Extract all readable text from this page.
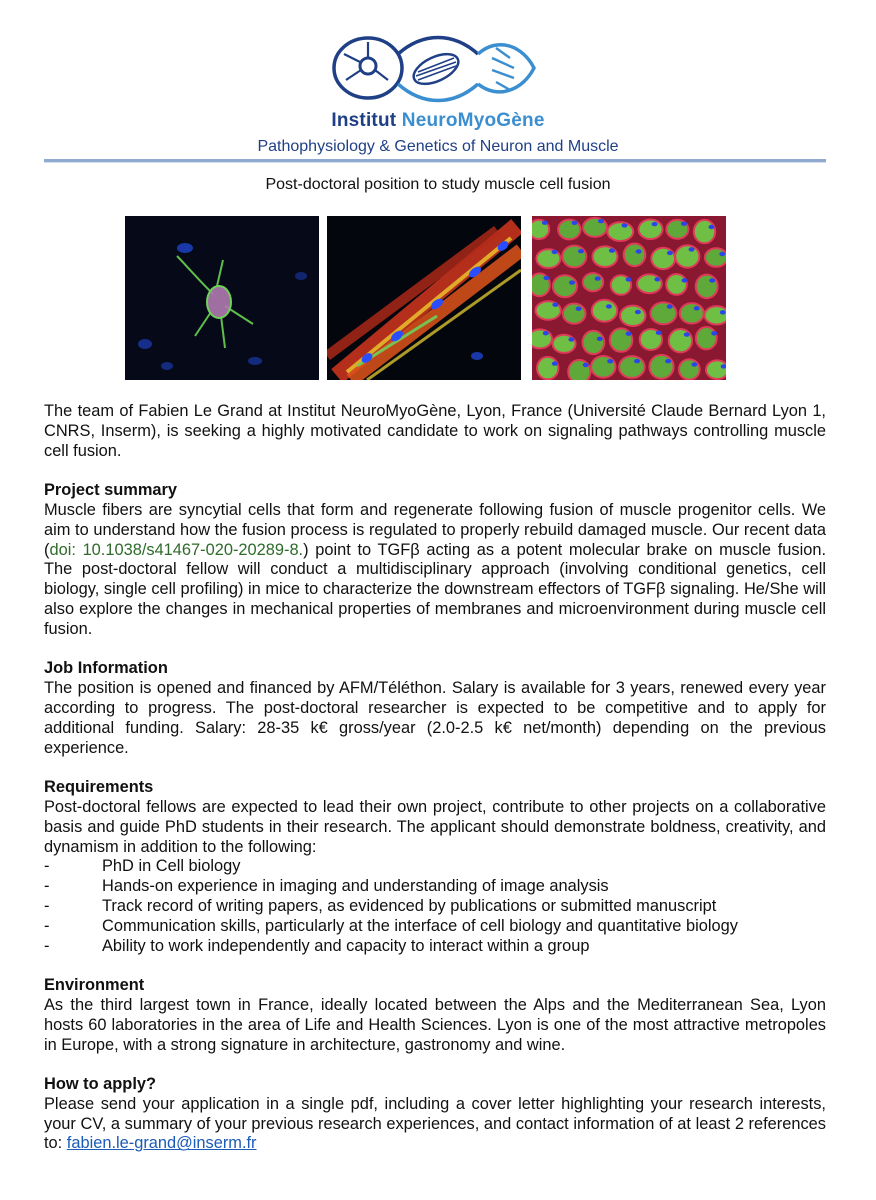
Institut NeuroMyoGène
Pathophysiology & Genetics of Neuron and Muscle
Post-doctoral position to study muscle cell fusion

The team of Fabien Le Grand at Institut NeuroMyoGène, Lyon, France (Université Claude Bernard Lyon 1, CNRS, Inserm), is seeking a highly motivated candidate to work on signaling pathways controlling muscle cell fusion.

Project summary

Muscle fibers are syncytial cells that form and regenerate following fusion of muscle progenitor cells. We aim to understand how the fusion process is regulated to properly rebuild damaged muscle. Our recent data (doi: 10.1038/s41467-020-20289-8.) point to TGFβ acting as a potent molecular brake on muscle fusion. The post-doctoral fellow will conduct a multidisciplinary approach (involving conditional genetics, cell biology, single cell profiling) in mice to characterize the downstream effectors of TGFβ signaling. He/She will also explore the changes in mechanical properties of membranes and microenvironment during muscle cell fusion.

Job Information

The position is opened and financed by AFM/Téléthon. Salary is available for 3 years, renewed every year according to progress. The post-doctoral researcher is expected to be competitive and to apply for additional funding. Salary: 28-35 k€ gross/year (2.0-2.5 k€ net/month) depending on the previous experience.

Requirements

Post-doctoral fellows are expected to lead their own project, contribute to other projects on a collaborative basis and guide PhD students in their research. The applicant should demonstrate boldness, creativity, and dynamism in addition to the following:

-	PhD in Cell biology
-	Hands-on experience in imaging and understanding of image analysis
-	Track record of writing papers, as evidenced by publications or submitted manuscript
-	Communication skills, particularly at the interface of cell biology and quantitative biology
-	Ability to work independently and capacity to interact within a group
Environment

As the third largest town in France, ideally located between the Alps and the Mediterranean Sea, Lyon hosts 60 laboratories in the area of Life and Health Sciences. Lyon is one of the most attractive metropoles in Europe, with a strong signature in architecture, gastronomy and wine.

How to apply?

Please send your application in a single pdf, including a cover letter highlighting your research interests, your CV, a summary of your previous research experiences, and contact information of at least 2 references to: fabien.le-grand@inserm.fr
